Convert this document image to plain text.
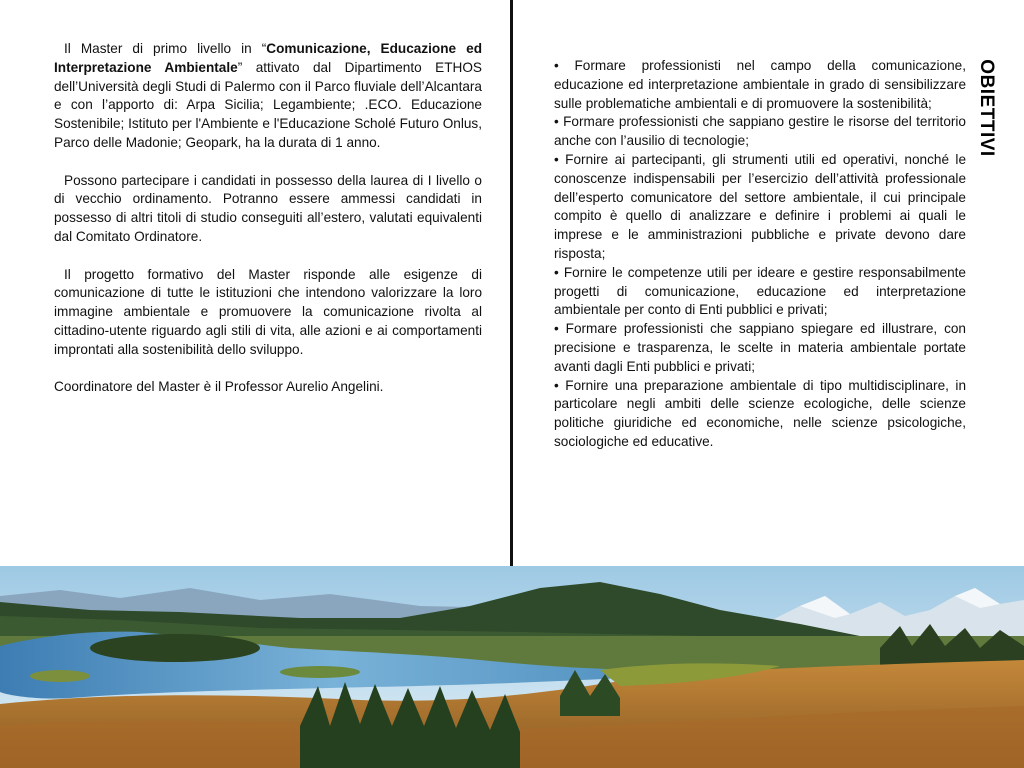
Il Master di primo livello in “Comunicazione, Educazione ed Interpretazione Ambientale” attivato dal Dipartimento ETHOS dell’Università degli Studi di Palermo con il Parco fluviale dell’Alcantara e con l’apporto di: Arpa Sicilia; Legambiente; .ECO. Educazione Sostenibile; Istituto per l'Ambiente e l'Educazione Scholé Futuro Onlus, Parco delle Madonie; Geopark, ha la durata di 1 anno.

Possono partecipare i candidati in possesso della laurea di I livello o di vecchio ordinamento. Potranno essere ammessi candidati in possesso di altri titoli di studio conseguiti all’estero, valutati equivalenti dal Comitato Ordinatore.

Il progetto formativo del Master risponde alle esigenze di comunicazione di tutte le istituzioni che intendono valorizzare la loro immagine ambientale e promuovere la comunicazione rivolta al cittadino-utente riguardo agli stili di vita, alle azioni e ai comportamenti improntati alla sostenibilità dello sviluppo.

Coordinatore del Master è il Professor Aurelio Angelini.

• Formare professionisti nel campo della comunicazione, educazione ed interpretazione ambientale in grado di sensibilizzare sulle problematiche ambientali e di promuovere la sostenibilità;

• Formare professionisti che sappiano gestire le risorse del territorio anche con l’ausilio di tecnologie;

• Fornire ai partecipanti, gli strumenti utili ed operativi, nonché le conoscenze indispensabili per l’esercizio dell’attività professionale dell’esperto comunicatore del settore ambientale, il cui principale compito è quello di analizzare e definire i problemi ai quali le imprese e le amministrazioni pubbliche e private devono dare risposta;

• Fornire le competenze utili per ideare e gestire responsabilmente progetti di comunicazione, educazione ed interpretazione ambientale per conto di Enti pubblici e privati;

• Formare professionisti che sappiano spiegare ed illustrare, con precisione e trasparenza, le scelte in materia ambientale portate avanti dagli Enti pubblici e privati;

• Fornire una preparazione ambientale di tipo multidisciplinare, in particolare negli ambiti delle scienze ecologiche, delle scienze politiche giuridiche ed economiche, nelle scienze psicologiche, sociologiche ed educative.

OBIETTIVI
